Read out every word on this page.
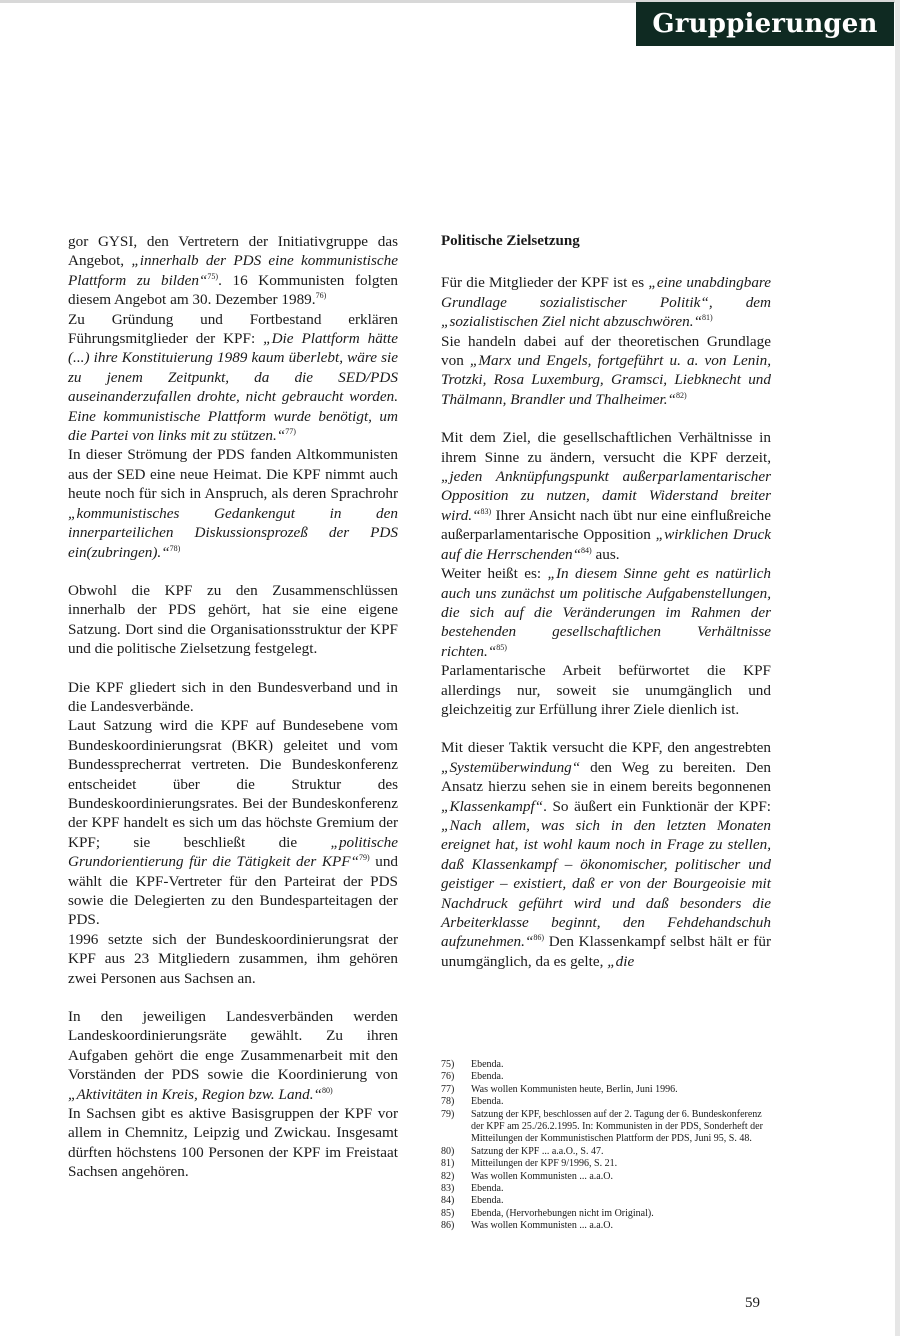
Gruppierungen

gor GYSI, den Vertretern der Initiativgruppe das Angebot, „innerhalb der PDS eine kommunistische Plattform zu bilden“$^{75)}$. 16 Kommunisten folgten diesem Angebot am 30. Dezember 1989.$^{76)}$

Zu Gründung und Fortbestand erklären Führungsmitglieder der KPF: „Die Plattform hätte (...) ihre Konstituierung 1989 kaum überlebt, wäre sie zu jenem Zeitpunkt, da die SED/PDS auseinanderzufallen drohte, nicht gebraucht worden. Eine kommunistische Plattform wurde benötigt, um die Partei von links mit zu stützen.“$^{77)}$

In dieser Strömung der PDS fanden Altkommunisten aus der SED eine neue Heimat. Die KPF nimmt auch heute noch für sich in Anspruch, als deren Sprachrohr „kommunistisches Gedankengut in den innerparteilichen Diskussionsprozeß der PDS ein(zubringen).“$^{78)}$

Obwohl die KPF zu den Zusammenschlüssen innerhalb der PDS gehört, hat sie eine eigene Satzung. Dort sind die Organisationsstruktur der KPF und die politische Zielsetzung festgelegt.

Die KPF gliedert sich in den Bundesverband und in die Landesverbände.

Laut Satzung wird die KPF auf Bundesebene vom Bundeskoordinierungsrat (BKR) geleitet und vom Bundessprecherrat vertreten. Die Bundeskonferenz entscheidet über die Struktur des Bundeskoordinierungsrates. Bei der Bundeskonferenz der KPF handelt es sich um das höchste Gremium der KPF; sie beschließt die „politische Grundorientierung für die Tätigkeit der KPF“$^{79)}$ und wählt die KPF-Vertreter für den Parteirat der PDS sowie die Delegierten zu den Bundesparteitagen der PDS.

1996 setzte sich der Bundeskoordinierungsrat der KPF aus 23 Mitgliedern zusammen, ihm gehören zwei Personen aus Sachsen an.

In den jeweiligen Landesverbänden werden Landeskoordinierungsräte gewählt. Zu ihren Aufgaben gehört die enge Zusammenarbeit mit den Vorständen der PDS sowie die Koordinierung von „Aktivitäten in Kreis, Region bzw. Land.“$^{80)}$

In Sachsen gibt es aktive Basisgruppen der KPF vor allem in Chemnitz, Leipzig und Zwickau. Insgesamt dürften höchstens 100 Personen der KPF im Freistaat Sachsen angehören.

Politische Zielsetzung

Für die Mitglieder der KPF ist es „eine unabdingbare Grundlage sozialistischer Politik“, dem „sozialistischen Ziel nicht abzuschwören.“$^{81)}$

Sie handeln dabei auf der theoretischen Grundlage von „Marx und Engels, fortgeführt u. a. von Lenin, Trotzki, Rosa Luxemburg, Gramsci, Liebknecht und Thälmann, Brandler und Thalheimer.“$^{82)}$

Mit dem Ziel, die gesellschaftlichen Verhältnisse in ihrem Sinne zu ändern, versucht die KPF derzeit, „jeden Anknüpfungspunkt außerparlamentarischer Opposition zu nutzen, damit Widerstand breiter wird.“$^{83)}$ Ihrer Ansicht nach übt nur eine einflußreiche außerparlamentarische Opposition „wirklichen Druck auf die Herrschenden“$^{84)}$ aus.

Weiter heißt es: „In diesem Sinne geht es natürlich auch uns zunächst um politische Aufgabenstellungen, die sich auf die Veränderungen im Rahmen der bestehenden gesellschaftlichen Verhältnisse richten.“$^{85)}$

Parlamentarische Arbeit befürwortet die KPF allerdings nur, soweit sie unumgänglich und gleichzeitig zur Erfüllung ihrer Ziele dienlich ist.

Mit dieser Taktik versucht die KPF, den angestrebten „Systemüberwindung“ den Weg zu bereiten. Den Ansatz hierzu sehen sie in einem bereits begonnenen „Klassenkampf“. So äußert ein Funktionär der KPF: „Nach allem, was sich in den letzten Monaten ereignet hat, ist wohl kaum noch in Frage zu stellen, daß Klassenkampf – ökonomischer, politischer und geistiger – existiert, daß er von der Bourgeoisie mit Nachdruck geführt wird und daß besonders die Arbeiterklasse beginnt, den Fehdehandschuh aufzunehmen.“$^{86)}$ Den Klassenkampf selbst hält er für unumgänglich, da es gelte, „die

75)	Ebenda.
76)	Ebenda.
77)	Was wollen Kommunisten heute, Berlin, Juni 1996.
78)	Ebenda.
79)	Satzung der KPF, beschlossen auf der 2. Tagung der 6. Bundeskonferenz der KPF am 25./26.2.1995. In: Kommunisten in der PDS, Sonderheft der Mitteilungen der Kommunistischen Plattform der PDS, Juni 95, S. 48.
80)	Satzung der KPF ... a.a.O., S. 47.
81)	Mitteilungen der KPF 9/1996, S. 21.
82)	Was wollen Kommunisten ... a.a.O.
83)	Ebenda.
84)	Ebenda.
85)	Ebenda, (Hervorhebungen nicht im Original).
86)	Was wollen Kommunisten ... a.a.O.
59
